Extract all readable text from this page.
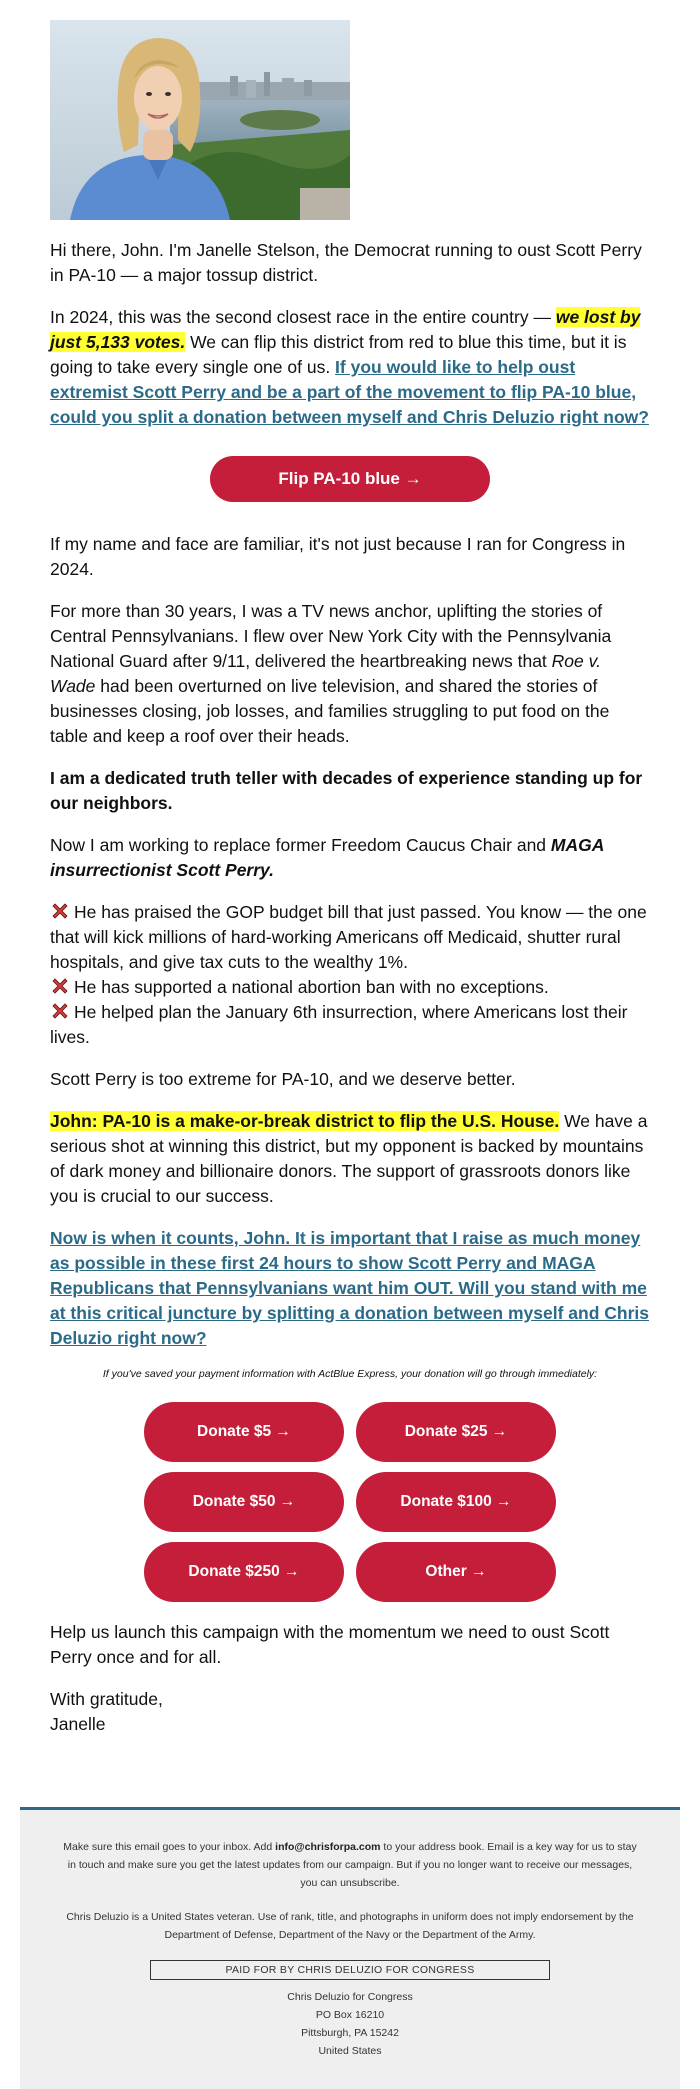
Hi there, John. I'm Janelle Stelson, the Democrat running to oust Scott Perry in PA-10 — a major tossup district.

In 2024, this was the second closest race in the entire country — we lost by just 5,133 votes. We can flip this district from red to blue this time, but it is going to take every single one of us. If you would like to help oust extremist Scott Perry and be a part of the movement to flip PA-10 blue, could you split a donation between myself and Chris Deluzio right now?

Flip PA-10 blue →

If my name and face are familiar, it's not just because I ran for Congress in 2024.

For more than 30 years, I was a TV news anchor, uplifting the stories of Central Pennsylvanians. I flew over New York City with the Pennsylvania National Guard after 9/11, delivered the heartbreaking news that Roe v. Wade had been overturned on live television, and shared the stories of businesses closing, job losses, and families struggling to put food on the table and keep a roof over their heads.

I am a dedicated truth teller with decades of experience standing up for our neighbors.

Now I am working to replace former Freedom Caucus Chair and MAGA insurrectionist Scott Perry.

He has praised the GOP budget bill that just passed. You know — the one that will kick millions of hard-working Americans off Medicaid, shutter rural hospitals, and give tax cuts to the wealthy 1%.
He has supported a national abortion ban with no exceptions.
He helped plan the January 6th insurrection, where Americans lost their lives.

Scott Perry is too extreme for PA-10, and we deserve better.

John: PA-10 is a make-or-break district to flip the U.S. House. We have a serious shot at winning this district, but my opponent is backed by mountains of dark money and billionaire donors. The support of grassroots donors like you is crucial to our success.

Now is when it counts, John. It is important that I raise as much money as possible in these first 24 hours to show Scott Perry and MAGA Republicans that Pennsylvanians want him OUT. Will you stand with me at this critical juncture by splitting a donation between myself and Chris Deluzio right now?

If you've saved your payment information with ActBlue Express, your donation will go through immediately:
Donate $5 →	Donate $25 →
Donate $50 →	Donate $100 →
Donate $250 →	Other →

Help us launch this campaign with the momentum we need to oust Scott Perry once and for all.

With gratitude,
Janelle

Make sure this email goes to your inbox. Add info@chrisforpa.com to your address book. Email is a key way for us to stay in touch and make sure you get the latest updates from our campaign. But if you no longer want to receive our messages, you can unsubscribe.

Chris Deluzio is a United States veteran. Use of rank, title, and photographs in uniform does not imply endorsement by the Department of Defense, Department of the Navy or the Department of the Army.

PAID FOR BY CHRIS DELUZIO FOR CONGRESS
Chris Deluzio for Congress
PO Box 16210
Pittsburgh, PA 15242
United States
